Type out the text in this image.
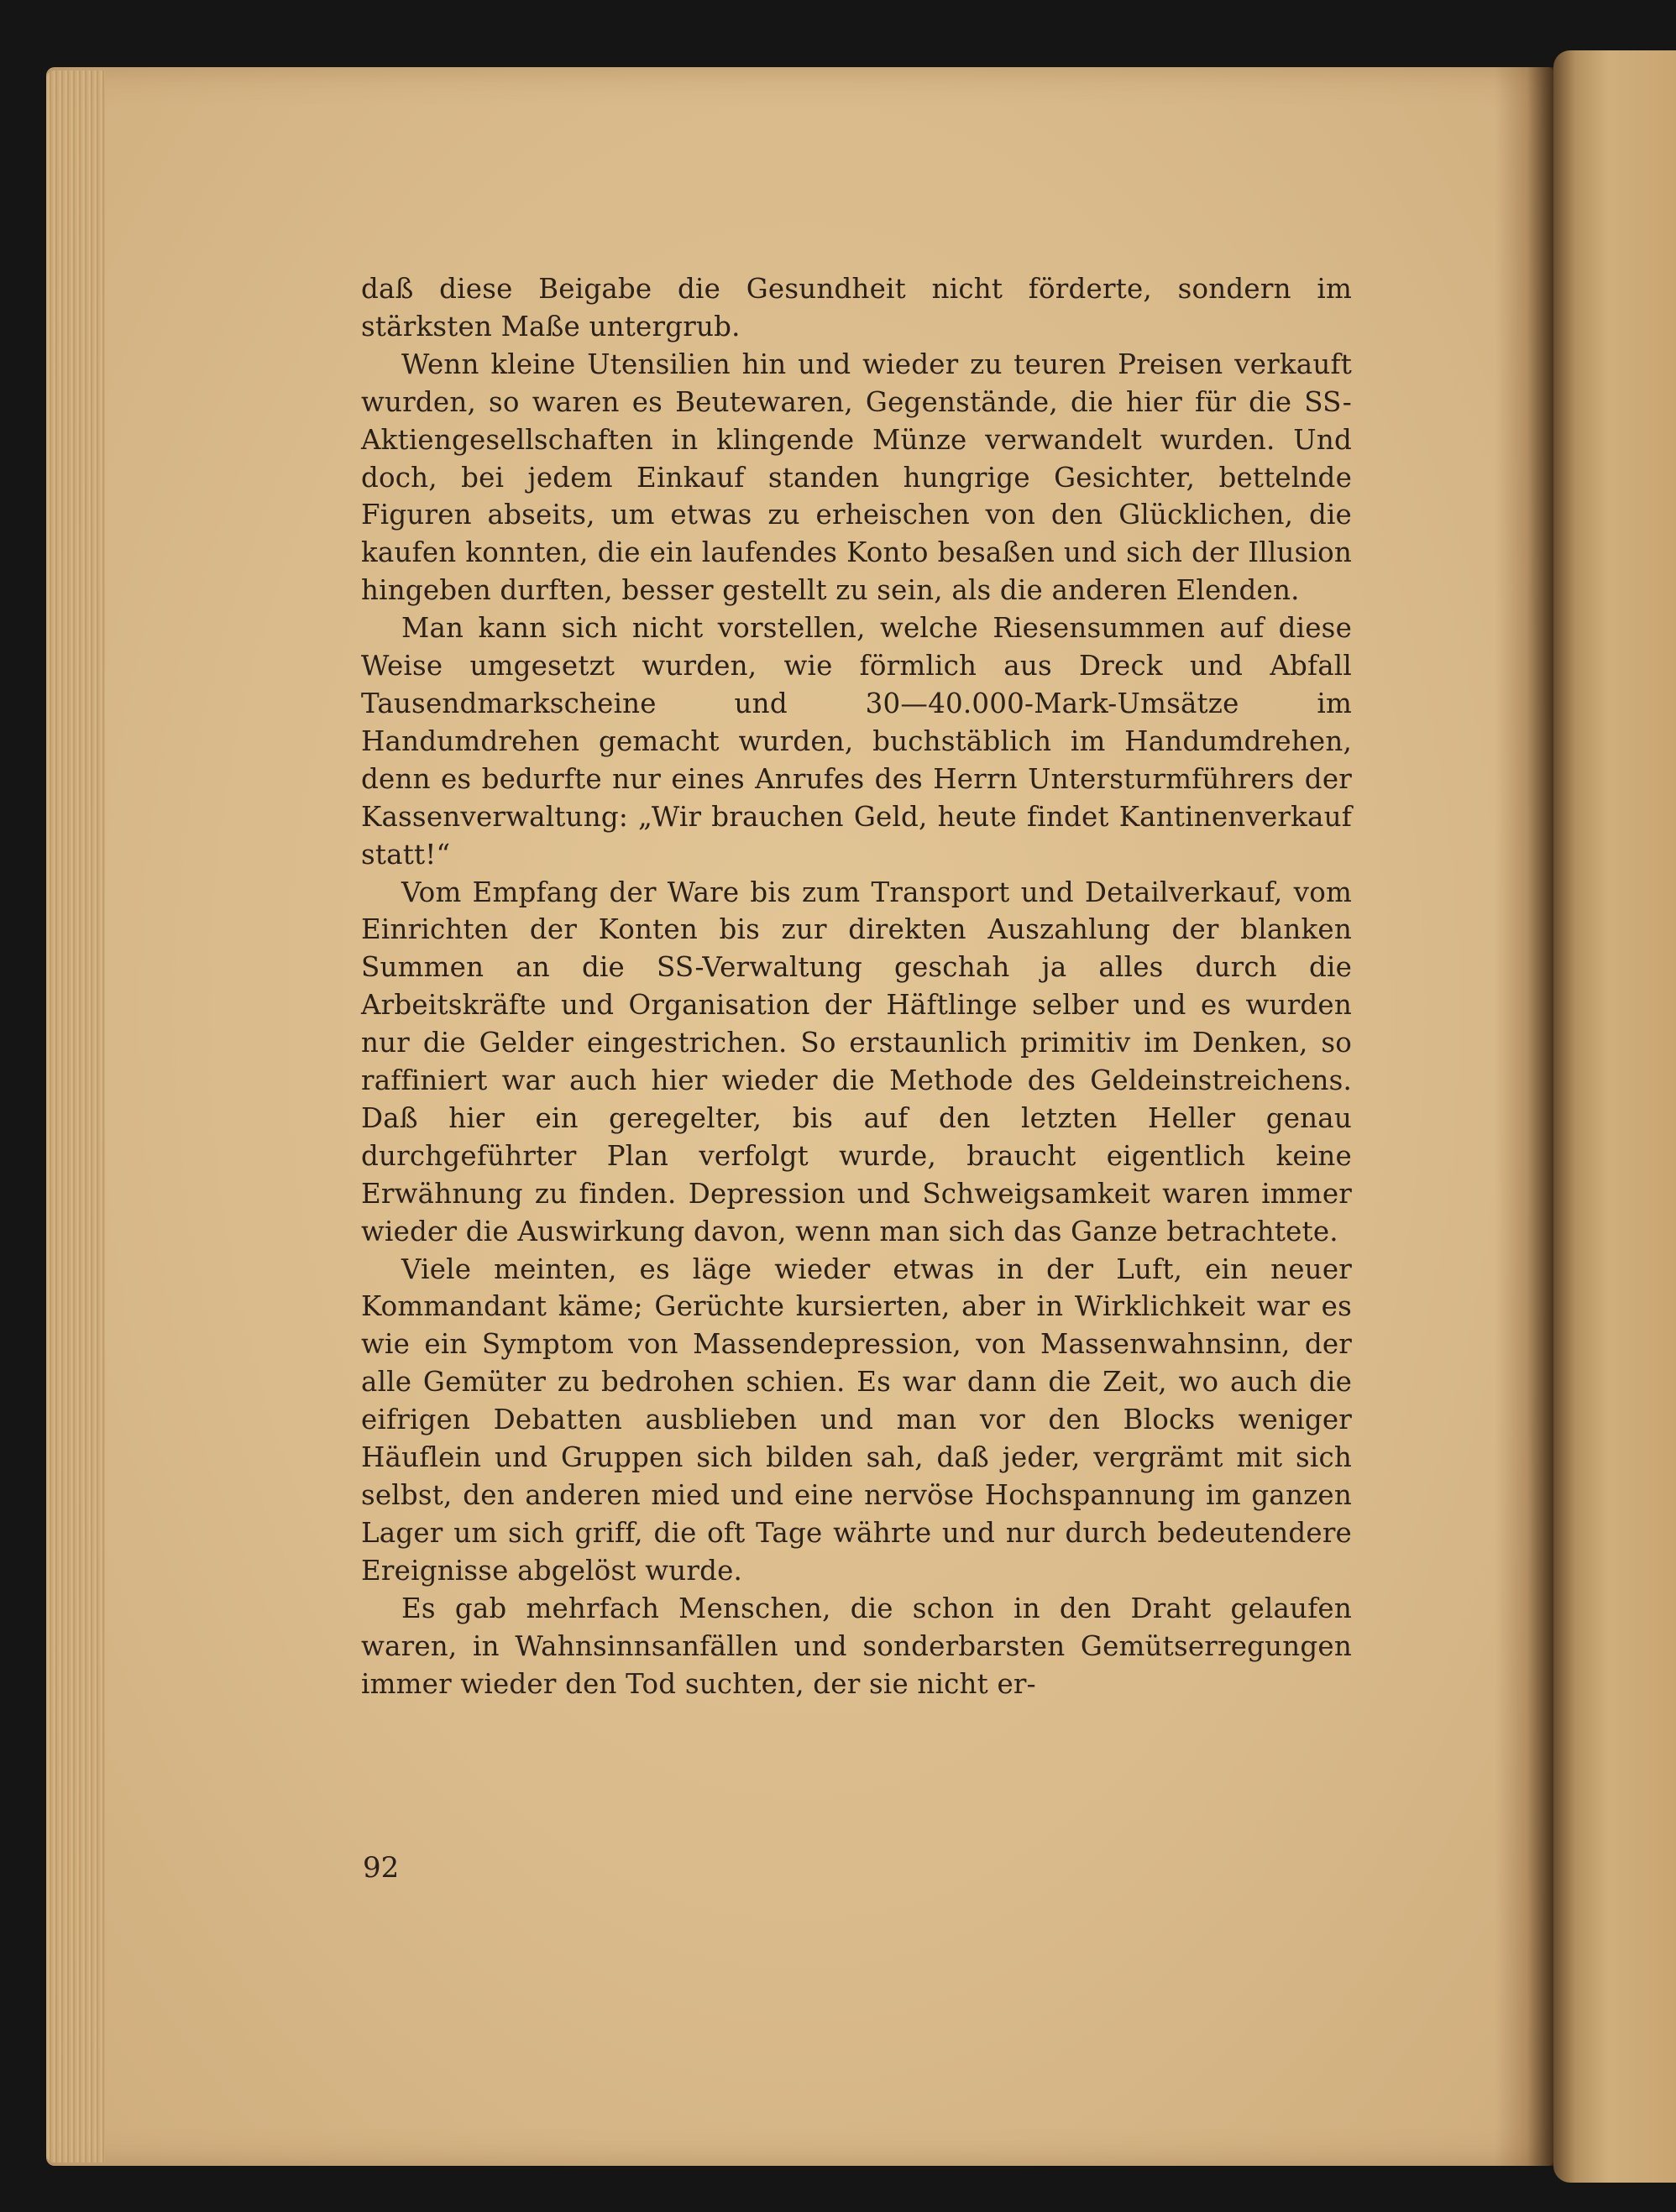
daß diese Beigabe die Gesundheit nicht förderte, sondern im stärksten Maße untergrub.

Wenn kleine Utensilien hin und wieder zu teuren Preisen verkauft wurden, so waren es Beutewaren, Gegenstände, die hier für die SS-Aktiengesellschaften in klingende Münze verwandelt wurden. Und doch, bei jedem Einkauf standen hungrige Gesichter, bettelnde Figuren abseits, um etwas zu erheischen von den Glücklichen, die kaufen konnten, die ein laufendes Konto besaßen und sich der Illusion hingeben durften, besser gestellt zu sein, als die anderen Elenden.

Man kann sich nicht vorstellen, welche Riesensummen auf diese Weise umgesetzt wurden, wie förmlich aus Dreck und Abfall Tausendmarkscheine und 30—40.000-Mark-Umsätze im Handumdrehen gemacht wurden, buchstäblich im Handumdrehen, denn es bedurfte nur eines Anrufes des Herrn Untersturmführers der Kassenverwaltung: „Wir brauchen Geld, heute findet Kantinenverkauf statt!“

Vom Empfang der Ware bis zum Transport und Detailverkauf, vom Einrichten der Konten bis zur direkten Auszahlung der blanken Summen an die SS-Verwaltung geschah ja alles durch die Arbeitskräfte und Organisation der Häftlinge selber und es wurden nur die Gelder eingestrichen. So erstaunlich primitiv im Denken, so raffiniert war auch hier wieder die Methode des Geldeinstreichens. Daß hier ein geregelter, bis auf den letzten Heller genau durchgeführter Plan verfolgt wurde, braucht eigentlich keine Erwähnung zu finden. Depression und Schweigsamkeit waren immer wieder die Auswirkung davon, wenn man sich das Ganze betrachtete.

Viele meinten, es läge wieder etwas in der Luft, ein neuer Kommandant käme; Gerüchte kursierten, aber in Wirklichkeit war es wie ein Symptom von Massendepression, von Massenwahnsinn, der alle Gemüter zu bedrohen schien. Es war dann die Zeit, wo auch die eifrigen Debatten ausblieben und man vor den Blocks weniger Häuflein und Gruppen sich bilden sah, daß jeder, vergrämt mit sich selbst, den anderen mied und eine nervöse Hochspannung im ganzen Lager um sich griff, die oft Tage währte und nur durch bedeutendere Ereignisse abgelöst wurde.

Es gab mehrfach Menschen, die schon in den Draht gelaufen waren, in Wahnsinnsanfällen und sonderbarsten Gemütserregungen immer wieder den Tod suchten, der sie nicht er-

92
